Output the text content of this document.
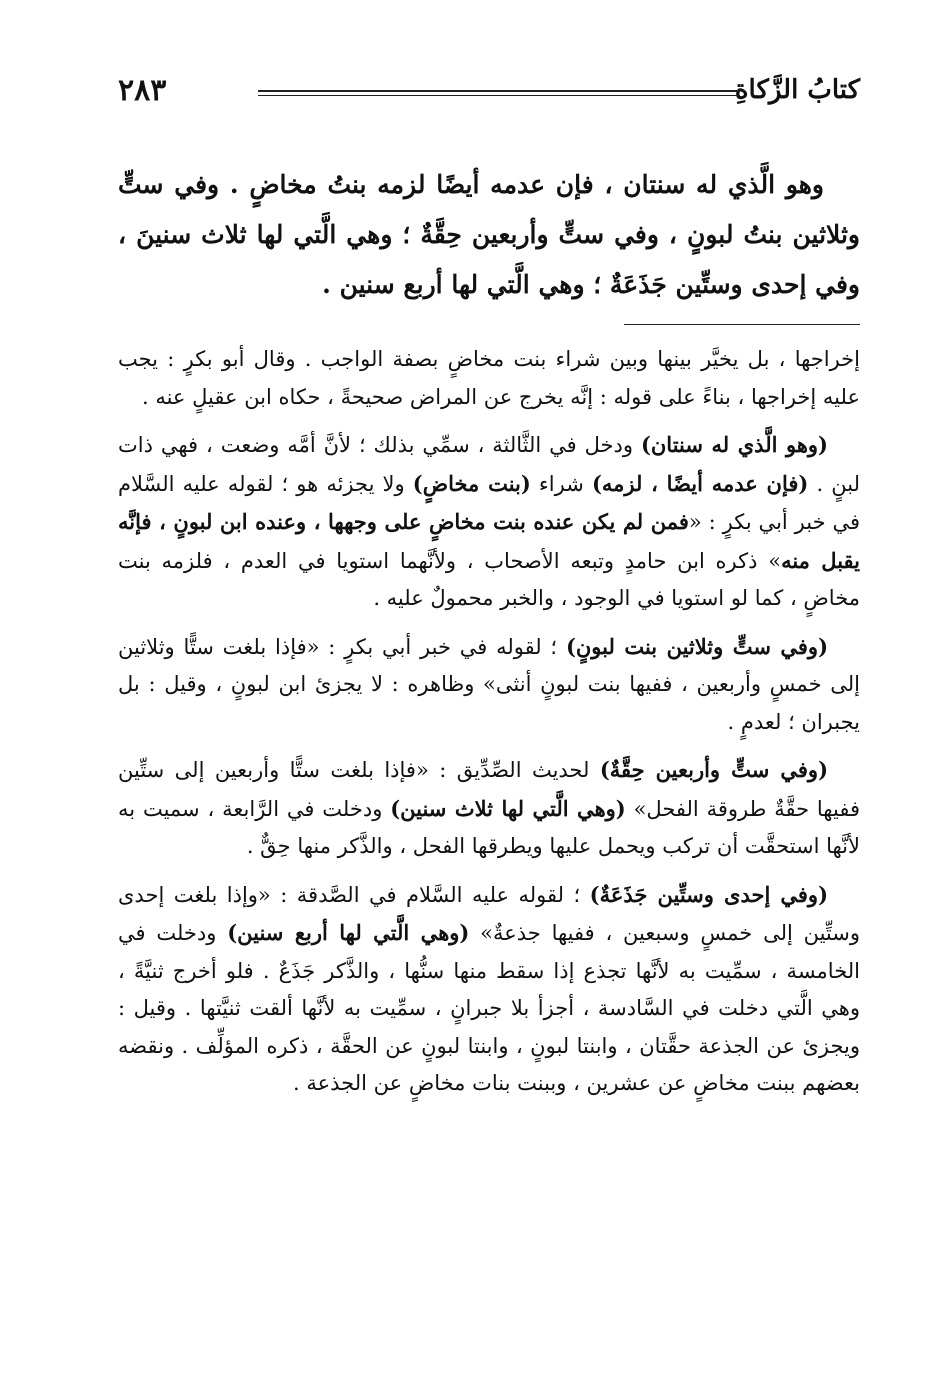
كتابُ الزَّكاةِ
٢٨٣
وهو الَّذي له سنتان ، فإن عدمه أيضًا لزمه بنتُ مخاضٍ . وفي ستٍّ وثلاثين بنتُ لبونٍ ، وفي ستٍّ وأربعين حِقَّةٌ ؛ وهي الَّتي لها ثلاث سنينَ ، وفي إحدى وستِّين جَذَعَةٌ ؛ وهي الَّتي لها أربع سنين .

إخراجها ، بل يخيَّر بينها وبين شراء بنت مخاضٍ بصفة الواجب . وقال أبو بكرٍ : يجب عليه إخراجها ، بناءً على قوله : إنَّه يخرج عن المراض صحيحةً ، حكاه ابن عقيلٍ عنه .

(وهو الَّذي له سنتان) ودخل في الثَّالثة ، سمِّي بذلك ؛ لأنَّ أمَّه وضعت ، فهي ذات لبنٍ . (فإن عدمه أيضًا ، لزمه) شراء (بنت مخاضٍ) ولا يجزئه هو ؛ لقوله عليه السَّلام في خبر أبي بكرٍ : «فمن لم يكن عنده بنت مخاضٍ على وجهها ، وعنده ابن لبونٍ ، فإنَّه يقبل منه» ذكره ابن حامدٍ وتبعه الأصحاب ، ولأنَّهما استويا في العدم ، فلزمه بنت مخاضٍ ، كما لو استويا في الوجود ، والخبر محمولٌ عليه .

(وفي ستٍّ وثلاثين بنت لبونٍ) ؛ لقوله في خبر أبي بكرٍ : «فإذا بلغت ستًّا وثلاثين إلى خمسٍ وأربعين ، ففيها بنت لبونٍ أنثى» وظاهره : لا يجزئ ابن لبونٍ ، وقيل : بل يجبران ؛ لعدمٍ .

(وفي ستٍّ وأربعين حِقَّةٌ) لحديث الصِّدِّيق : «فإذا بلغت ستًّا وأربعين إلى ستِّين ففيها حقَّةٌ طروقة الفحل» (وهي الَّتي لها ثلاث سنين) ودخلت في الرَّابعة ، سميت به لأنَّها استحقَّت أن تركب ويحمل عليها ويطرقها الفحل ، والذَّكر منها حِقٌّ .

(وفي إحدى وستِّين جَذَعَةٌ) ؛ لقوله عليه السَّلام في الصَّدقة : «وإذا بلغت إحدى وستِّين إلى خمسٍ وسبعين ، ففيها جذعةٌ» (وهي الَّتي لها أربع سنين) ودخلت في الخامسة ، سمِّيت به لأنَّها تجذع إذا سقط منها سنُّها ، والذَّكر جَذَعٌ . فلو أخرج ثنيَّةً ، وهي الَّتي دخلت في السَّادسة ، أجزأ بلا جبرانٍ ، سمِّيت به لأنَّها ألقت ثنيَّتها . وقيل : ويجزئ عن الجذعة حقَّتان ، وابنتا لبونٍ ، وابنتا لبونٍ عن الحقَّة ، ذكره المؤلِّف . ونقضه بعضهم ببنت مخاضٍ عن عشرين ، وببنت بنات مخاضٍ عن الجذعة .
